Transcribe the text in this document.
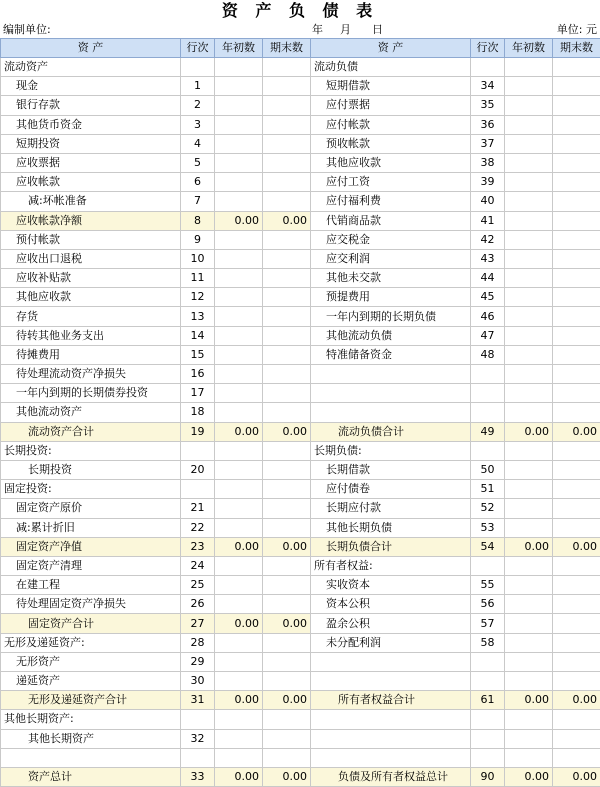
资 产 负 债 表
编制单位:	年 月 日	单位: 元
资 产	行次	年初数	期末数	资 产	行次	年初数	期末数
流动资产				流动负债			
现金	1			短期借款	34		
银行存款	2			应付票据	35		
其他货币资金	3			应付帐款	36		
短期投资	4			预收帐款	37		
应收票据	5			其他应收款	38		
应收帐款	6			应付工资	39		
减:坏帐准备	7			应付福利费	40		
应收帐款净额	8	0.00	0.00	代销商品款	41		
预付帐款	9			应交税金	42		
应收出口退税	10			应交利润	43		
应收补贴款	11			其他未交款	44		
其他应收款	12			预提费用	45		
存货	13			一年内到期的长期负债	46		
待转其他业务支出	14			其他流动负债	47		
待摊费用	15			特准储备资金	48		
待处理流动资产净损失	16						
一年内到期的长期债券投资	17						
其他流动资产	18						
流动资产合计	19	0.00	0.00	流动负债合计	49	0.00	0.00
长期投资:				长期负债:			
长期投资	20			长期借款	50		
固定投资:				应付债卷	51		
固定资产原价	21			长期应付款	52		
减:累计折旧	22			其他长期负债	53		
固定资产净值	23	0.00	0.00	长期负债合计	54	0.00	0.00
固定资产清理	24			所有者权益:			
在建工程	25			实收资本	55		
待处理固定资产净损失	26			资本公积	56		
固定资产合计	27	0.00	0.00	盈余公积	57		
无形及递延资产:	28			未分配利润	58		
无形资产	29						
递延资产	30						
无形及递延资产合计	31	0.00	0.00	所有者权益合计	61	0.00	0.00
其他长期资产:							
其他长期资产	32						

资产总计	33	0.00	0.00	负债及所有者权益总计	90	0.00	0.00
